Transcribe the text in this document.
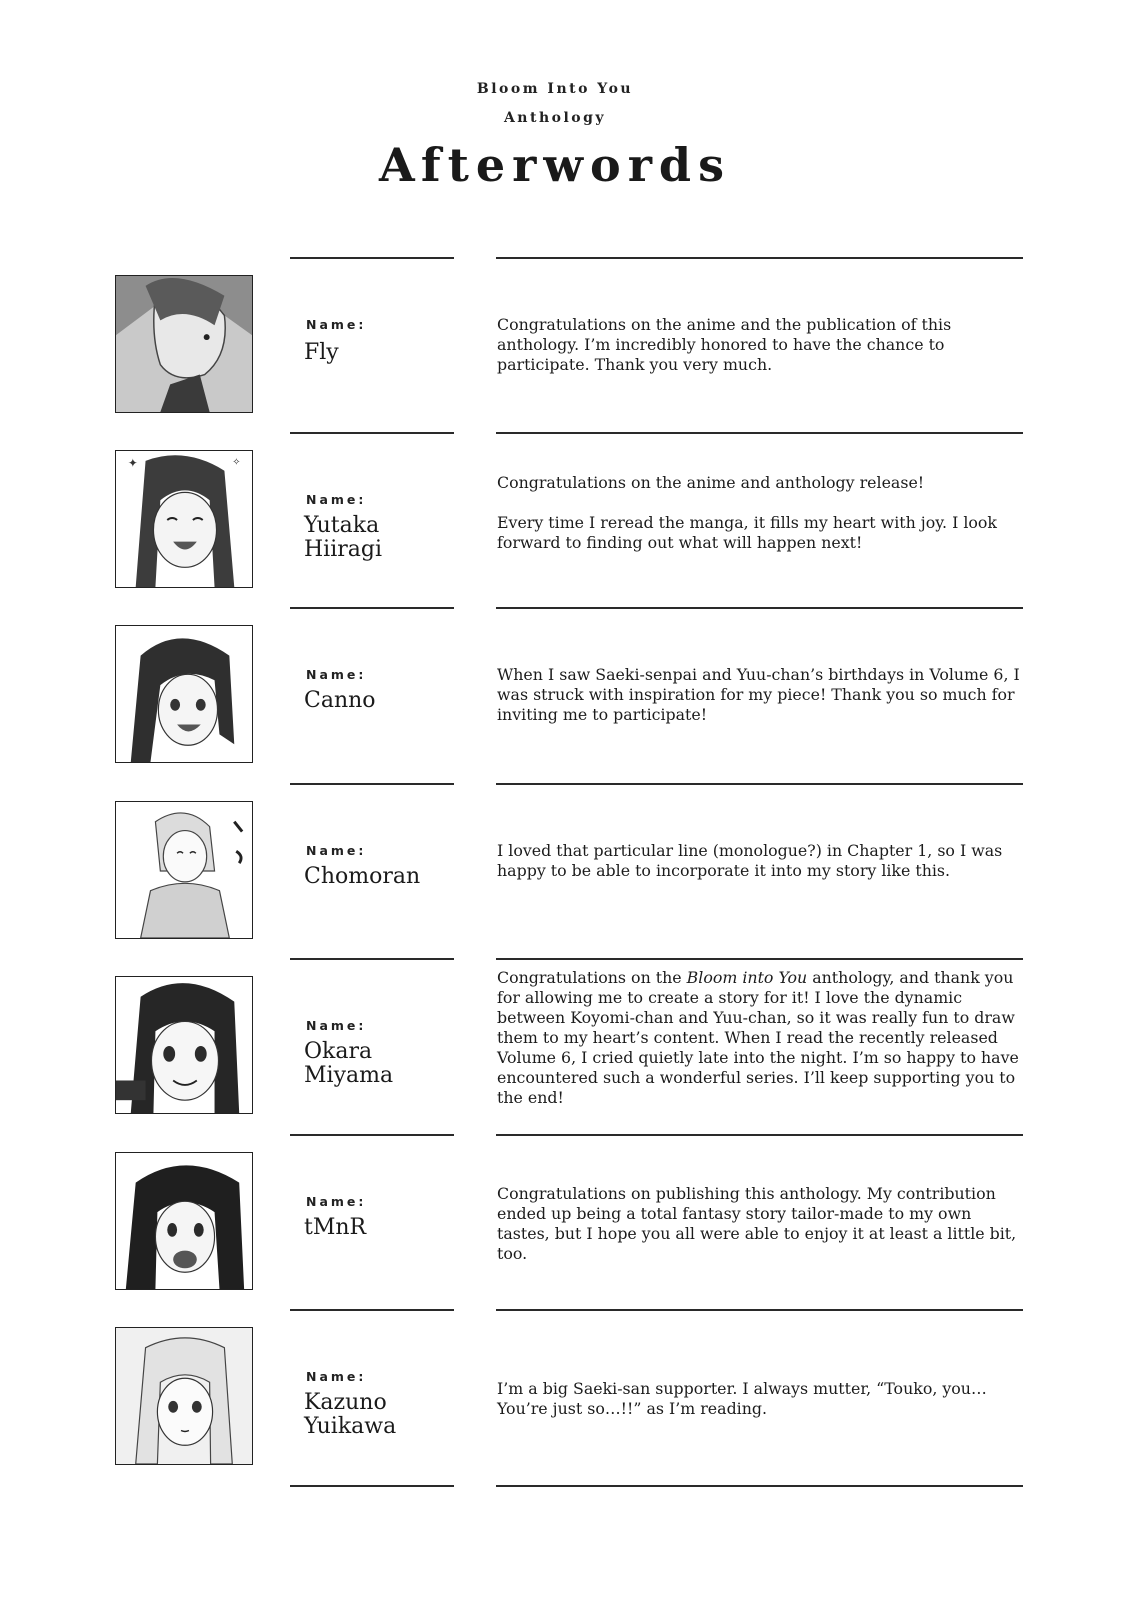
Bloom Into You
Anthology
Afterwords
Name:
Fly

Congratulations on the anime and the publication of this anthology. I’m incredibly honored to have the chance to participate. Thank you very much.

✦	✧
Name:
Yutaka
Hiiragi

Congratulations on the anime and anthology release!

Every time I reread the manga, it fills my heart with joy. I look forward to finding out what will happen next!

Name:
Canno

When I saw Saeki-senpai and Yuu-chan’s birthdays in Volume 6, I was struck with inspiration for my piece! Thank you so much for inviting me to participate!

Name:
Chomoran

I loved that particular line (monologue?) in Chapter 1, so I was happy to be able to incorporate it into my story like this.

Name:
Okara
Miyama

Congratulations on the Bloom into You anthology, and thank you for allowing me to create a story for it! I love the dynamic between Koyomi-chan and Yuu-chan, so it was really fun to draw them to my heart’s content. When I read the recently released Volume 6, I cried quietly late into the night. I’m so happy to have encountered such a wonderful series. I’ll keep supporting you to the end!

Name:
tMnR

Congratulations on publishing this anthology. My contribution ended up being a total fantasy story tailor-made to my own tastes, but I hope you all were able to enjoy it at least a little bit, too.

Name:
Kazuno
Yuikawa

I’m a big Saeki-san supporter. I always mutter, “Touko, you… You’re just so…!!” as I’m reading.
